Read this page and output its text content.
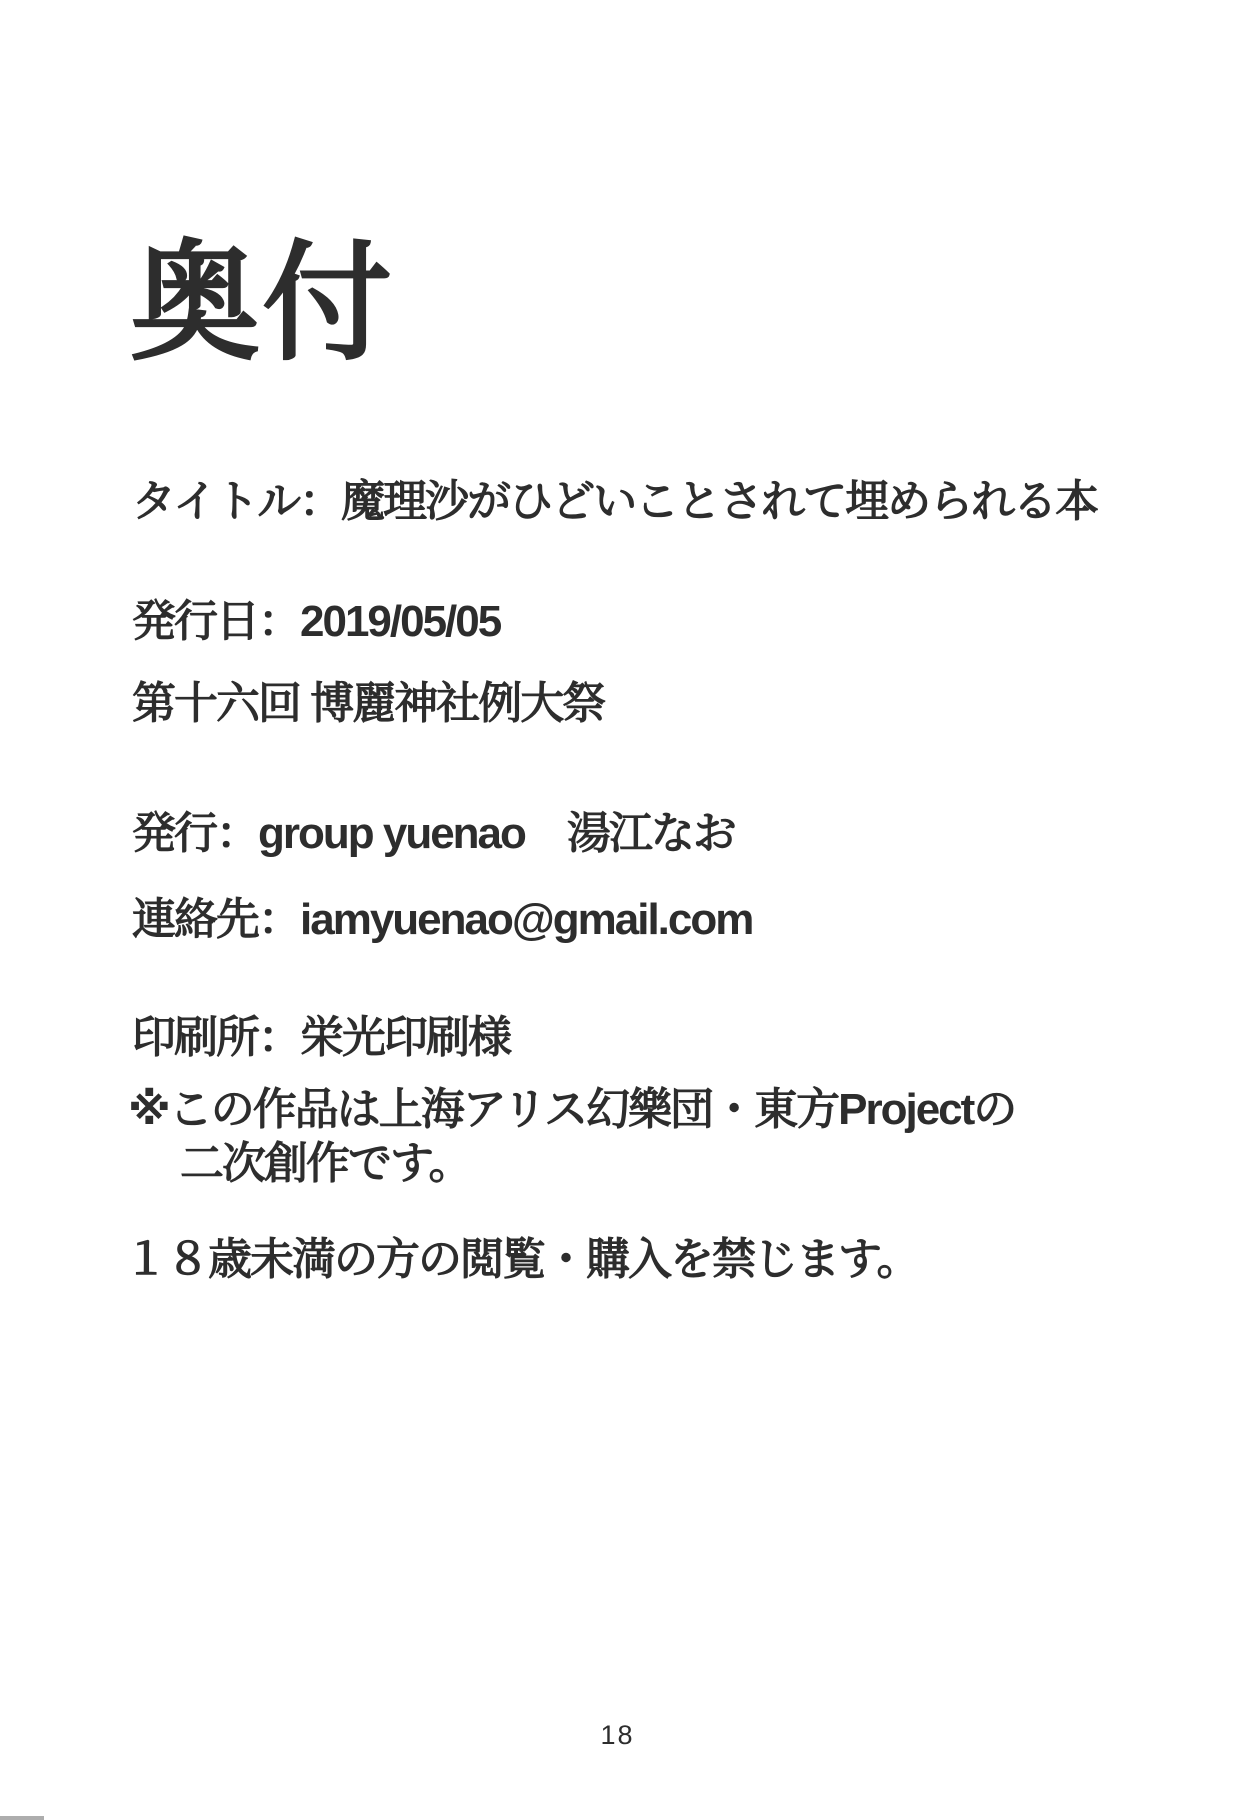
奥付

タイトル：魔理沙がひどいことされて埋められる本

発行日：2019/05/05

第十六回 博麗神社例大祭

発行：group yuenao　湯江なお

連絡先：iamyuenao@gmail.com

印刷所：栄光印刷様

※この作品は上海アリス幻樂団・東方Projectの

二次創作です。

１８歳未満の方の閲覧・購入を禁じます。

18
